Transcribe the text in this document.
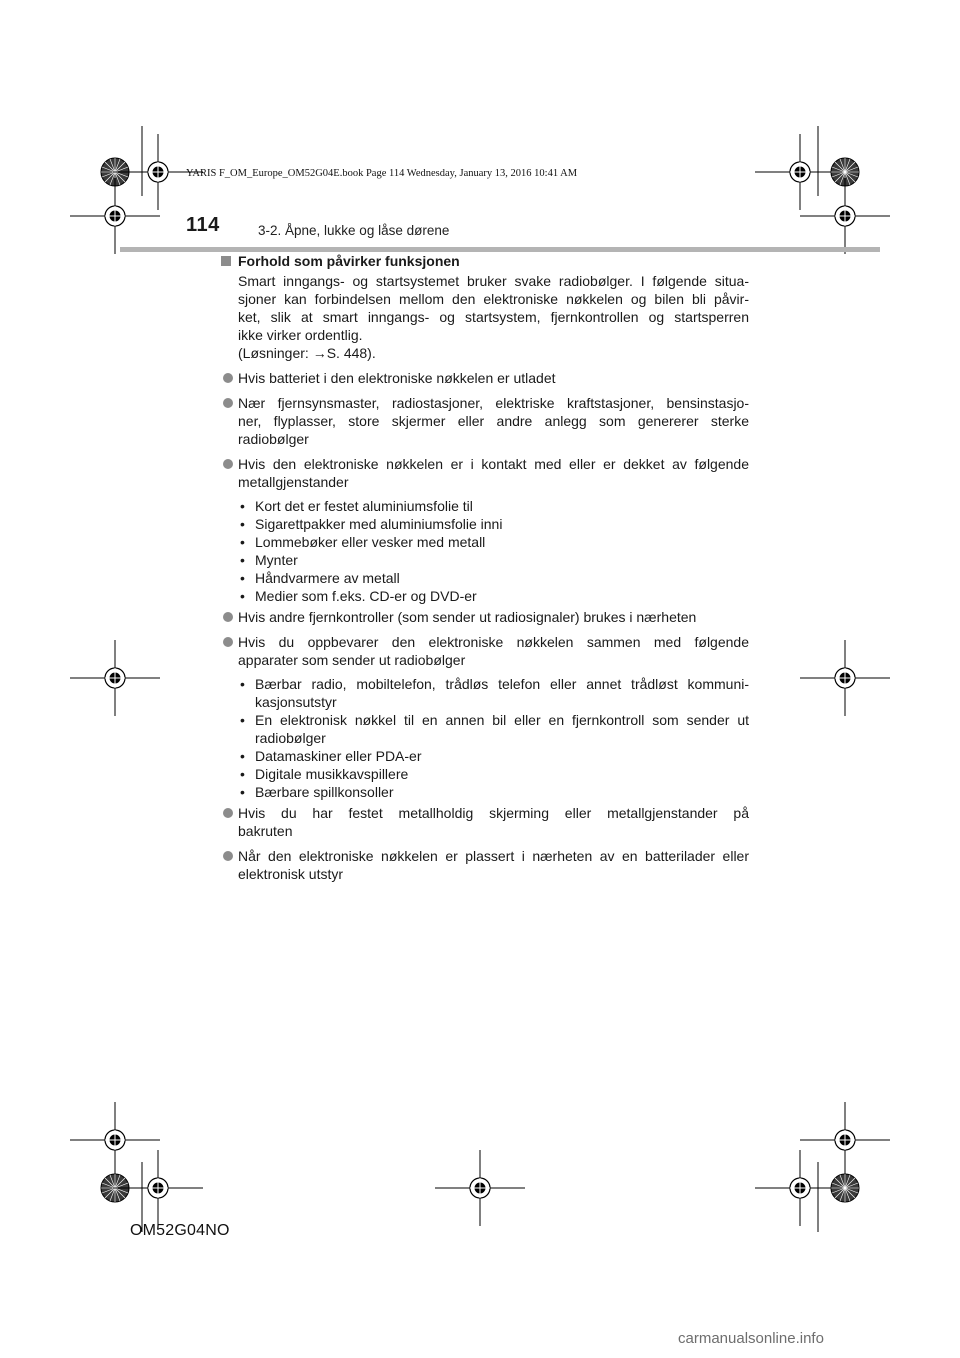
YARIS F_OM_Europe_OM52G04E.book Page 114 Wednesday, January 13, 2016 10:41 AM
114	3-2. Åpne, lukke og låse dørene
Forhold som påvirker funksjonen
Smart inngangs- og startsystemet bruker svake radiobølger. I følgende situa-
sjoner kan forbindelsen mellom den elektroniske nøkkelen og bilen bli påvir-
ket, slik at smart inngangs- og startsystem, fjernkontrollen og startsperren
ikke virker ordentlig.
(Løsninger: →S. 448).
Hvis batteriet i den elektroniske nøkkelen er utladet
Nær fjernsynsmaster, radiostasjoner, elektriske kraftstasjoner, bensinstasjo-
ner, flyplasser, store skjermer eller andre anlegg som genererer sterke
radiobølger
Hvis den elektroniske nøkkelen er i kontakt med eller er dekket av følgende
metallgjenstander
• Kort det er festet aluminiumsfolie til
• Sigarettpakker med aluminiumsfolie inni
• Lommebøker eller vesker med metall
• Mynter
• Håndvarmere av metall
• Medier som f.eks. CD-er og DVD-er
Hvis andre fjernkontroller (som sender ut radiosignaler) brukes i nærheten
Hvis du oppbevarer den elektroniske nøkkelen sammen med følgende
apparater som sender ut radiobølger
• Bærbar radio, mobiltelefon, trådløs telefon eller annet trådløst kommuni-
kasjonsutstyr
• En elektronisk nøkkel til en annen bil eller en fjernkontroll som sender ut
radiobølger
• Datamaskiner eller PDA-er
• Digitale musikkavspillere
• Bærbare spillkonsoller
Hvis du har festet metallholdig skjerming eller metallgjenstander på
bakruten
Når den elektroniske nøkkelen er plassert i nærheten av en batterilader eller
elektronisk utstyr
OM52G04NO
carmanualsonline.info
